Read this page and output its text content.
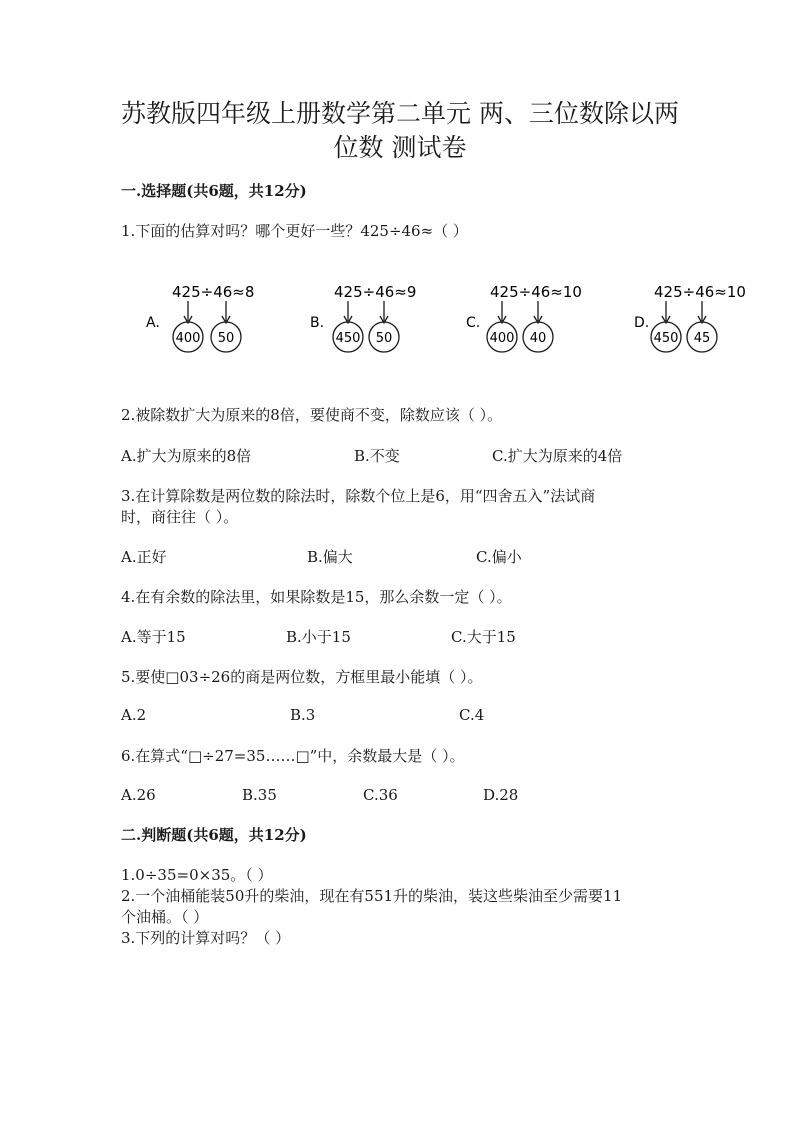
苏教版四年级上册数学第二单元 两、三位数除以两
位数 测试卷
一.选择题(共6题，共12分)
1.下面的估算对吗？哪个更好一些？425÷46≈（ ）
A.
425÷46≈8
400 50
B.
425÷46≈9
450 50
C.
425÷46≈10
400 40
D.
425÷46≈10
450 45
2.被除数扩大为原来的8倍，要使商不变，除数应该（ ）。
A.扩大为原来的8倍	B.不变	C.扩大为原来的4倍
3.在计算除数是两位数的除法时，除数个位上是6，用“四舍五入”法试商
时，商往往（ ）。
A.正好	B.偏大	C.偏小
4.在有余数的除法里，如果除数是15，那么余数一定（ ）。
A.等于15	B.小于15	C.大于15
5.要使□03÷26的商是两位数，方框里最小能填（ ）。
A.2	B.3	C.4
6.在算式“□÷27=35……□”中，余数最大是（ ）。
A.26	B.35	C.36	D.28
二.判断题(共6题，共12分)
1.0÷35=0×35。（ ）
2.一个油桶能装50升的柴油，现在有551升的柴油，装这些柴油至少需要11
个油桶。（ ）
3.下列的计算对吗？（ ）
